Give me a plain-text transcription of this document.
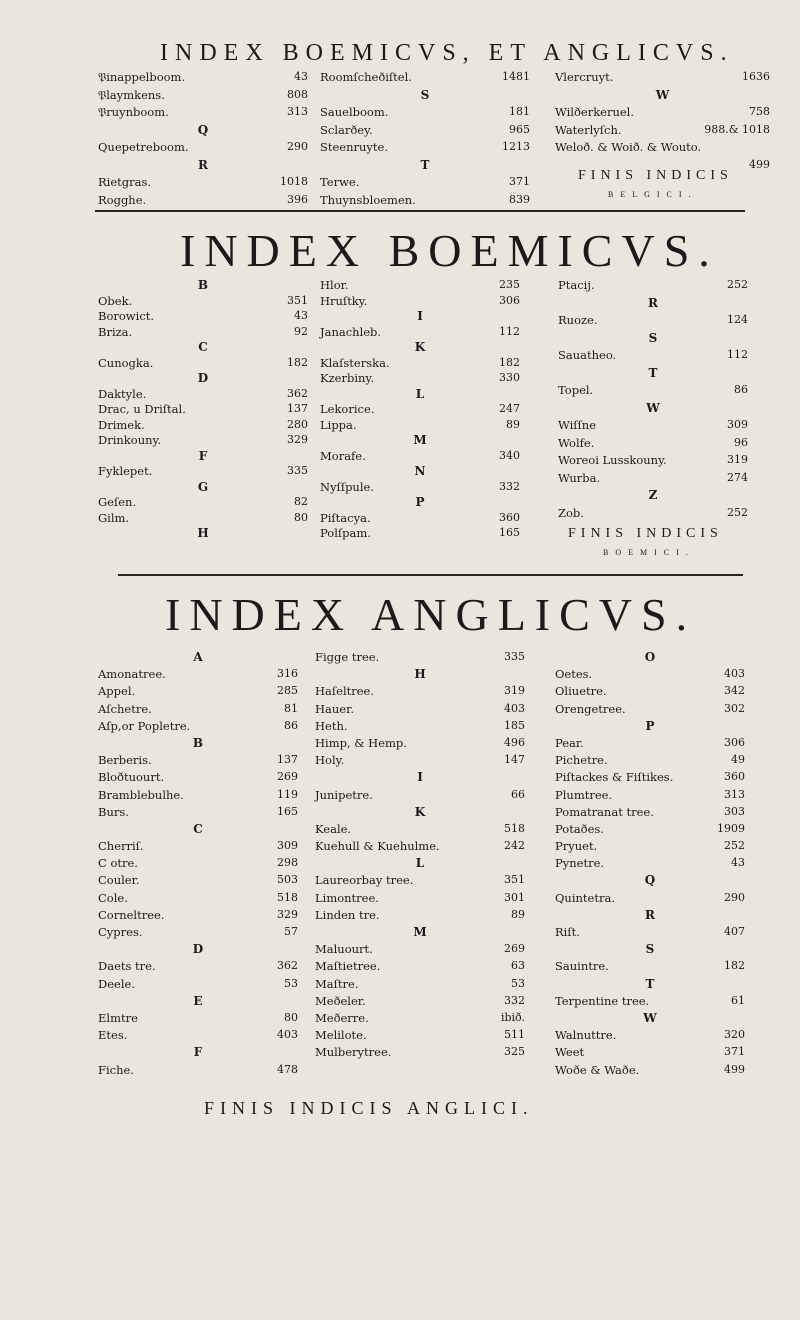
INDEX BOEMICVS, ET ANGLICVS.
𝔓inappelboom.	43
𝔓laymkens.	808
𝔓ruynboom.	313
Q
Quepetreboom.	290
R
Rietgras.	1018
Rogghe.	396
Roomſcheðiſtel.	1481
S
Sauelboom.	181
Sclarðey.	965
Steenruyte.	1213
T
Terwe.	371
Thuynsbloemen.	839
Vlercruyt.	1636
W
Wilðerkeruel.	758
Waterlyſch.	988.& 1018
Weloð. & Woið. & Wouto.
499
FINIS INDICIS
BELGICI.
INDEX BOEMICVS.
B
Obek.	351
Borowict.	43
Briza.	92
C
Cunogka.	182
D
Daktyle.	362
Drac, u Driſtal.	137
Drimek.	280
Drinkouny.	329
F
Fyklepet.	335
G
Geſen.	82
Gilm.	80
H
Hlor.	235
Hruſtky.	306
I
Janachleb.	112
K
Klaſsterska.	182
Kzerbiny.	330
L
Lekorice.	247
Lippa.	89
M
Morafe.	340
N
Nyſſpule.	332
P
Piſtacya.	360
Polſpam.	165
Ptacij.	252
R
Ruoze.	124
S
Sauatheo.	112
T
Topel.	86
W
Wiſſne	309
Wolfe.	96
Woreoi Lusskouny.	319
Wurba.	274
Z
Zob.	252
FINIS INDICIS
BOEMICI.
INDEX ANGLICVS.
A
Amonatree.	316
Appel.	285
Aſchetre.	81
Aſp,or Popletre.	86
B
Berberis.	137
Bloðtuourt.	269
Bramblebulhe.	119
Burs.	165
C
Cherriſ.	309
C otre.	298
Couler.	503
Cole.	518
Corneltree.	329
Cypres.	57
D
Daets tre.	362
Deele.	53
E
Elmtre	80
Etes.	403
F
Fiche.	478
Figge tree.	335
H
Haſeltree.	319
Hauer.	403
Heth.	185
Himp, & Hemp.	496
Holy.	147
I
Junipetre.	66
K
Keale.	518
Kuehull & Kuehulme.	242
L
Laureorbay tree.	351
Limontree.	301
Linden tre.	89
M
Maluourt.	269
Maſtietree.	63
Maſtre.	53
Meðeler.	332
Meðerre.	ibið.
Melilote.	511
Mulberytree.	325
O
Oetes.	403
Oliuetre.	342
Orengetree.	302
P
Pear.	306
Pichetre.	49
Piſtackes & Fiſtikes.	360
Plumtree.	313
Pomatranat tree.	303
Potaðes.	1909
Pryuet.	252
Pynetre.	43
Q
Quintetra.	290
R
Riſt.	407
S
Sauintre.	182
T
Terpentine tree.	61
W
Walnuttre.	320
Weet	371
Woðe & Waðe.	499
FINIS INDICIS ANGLICI.
